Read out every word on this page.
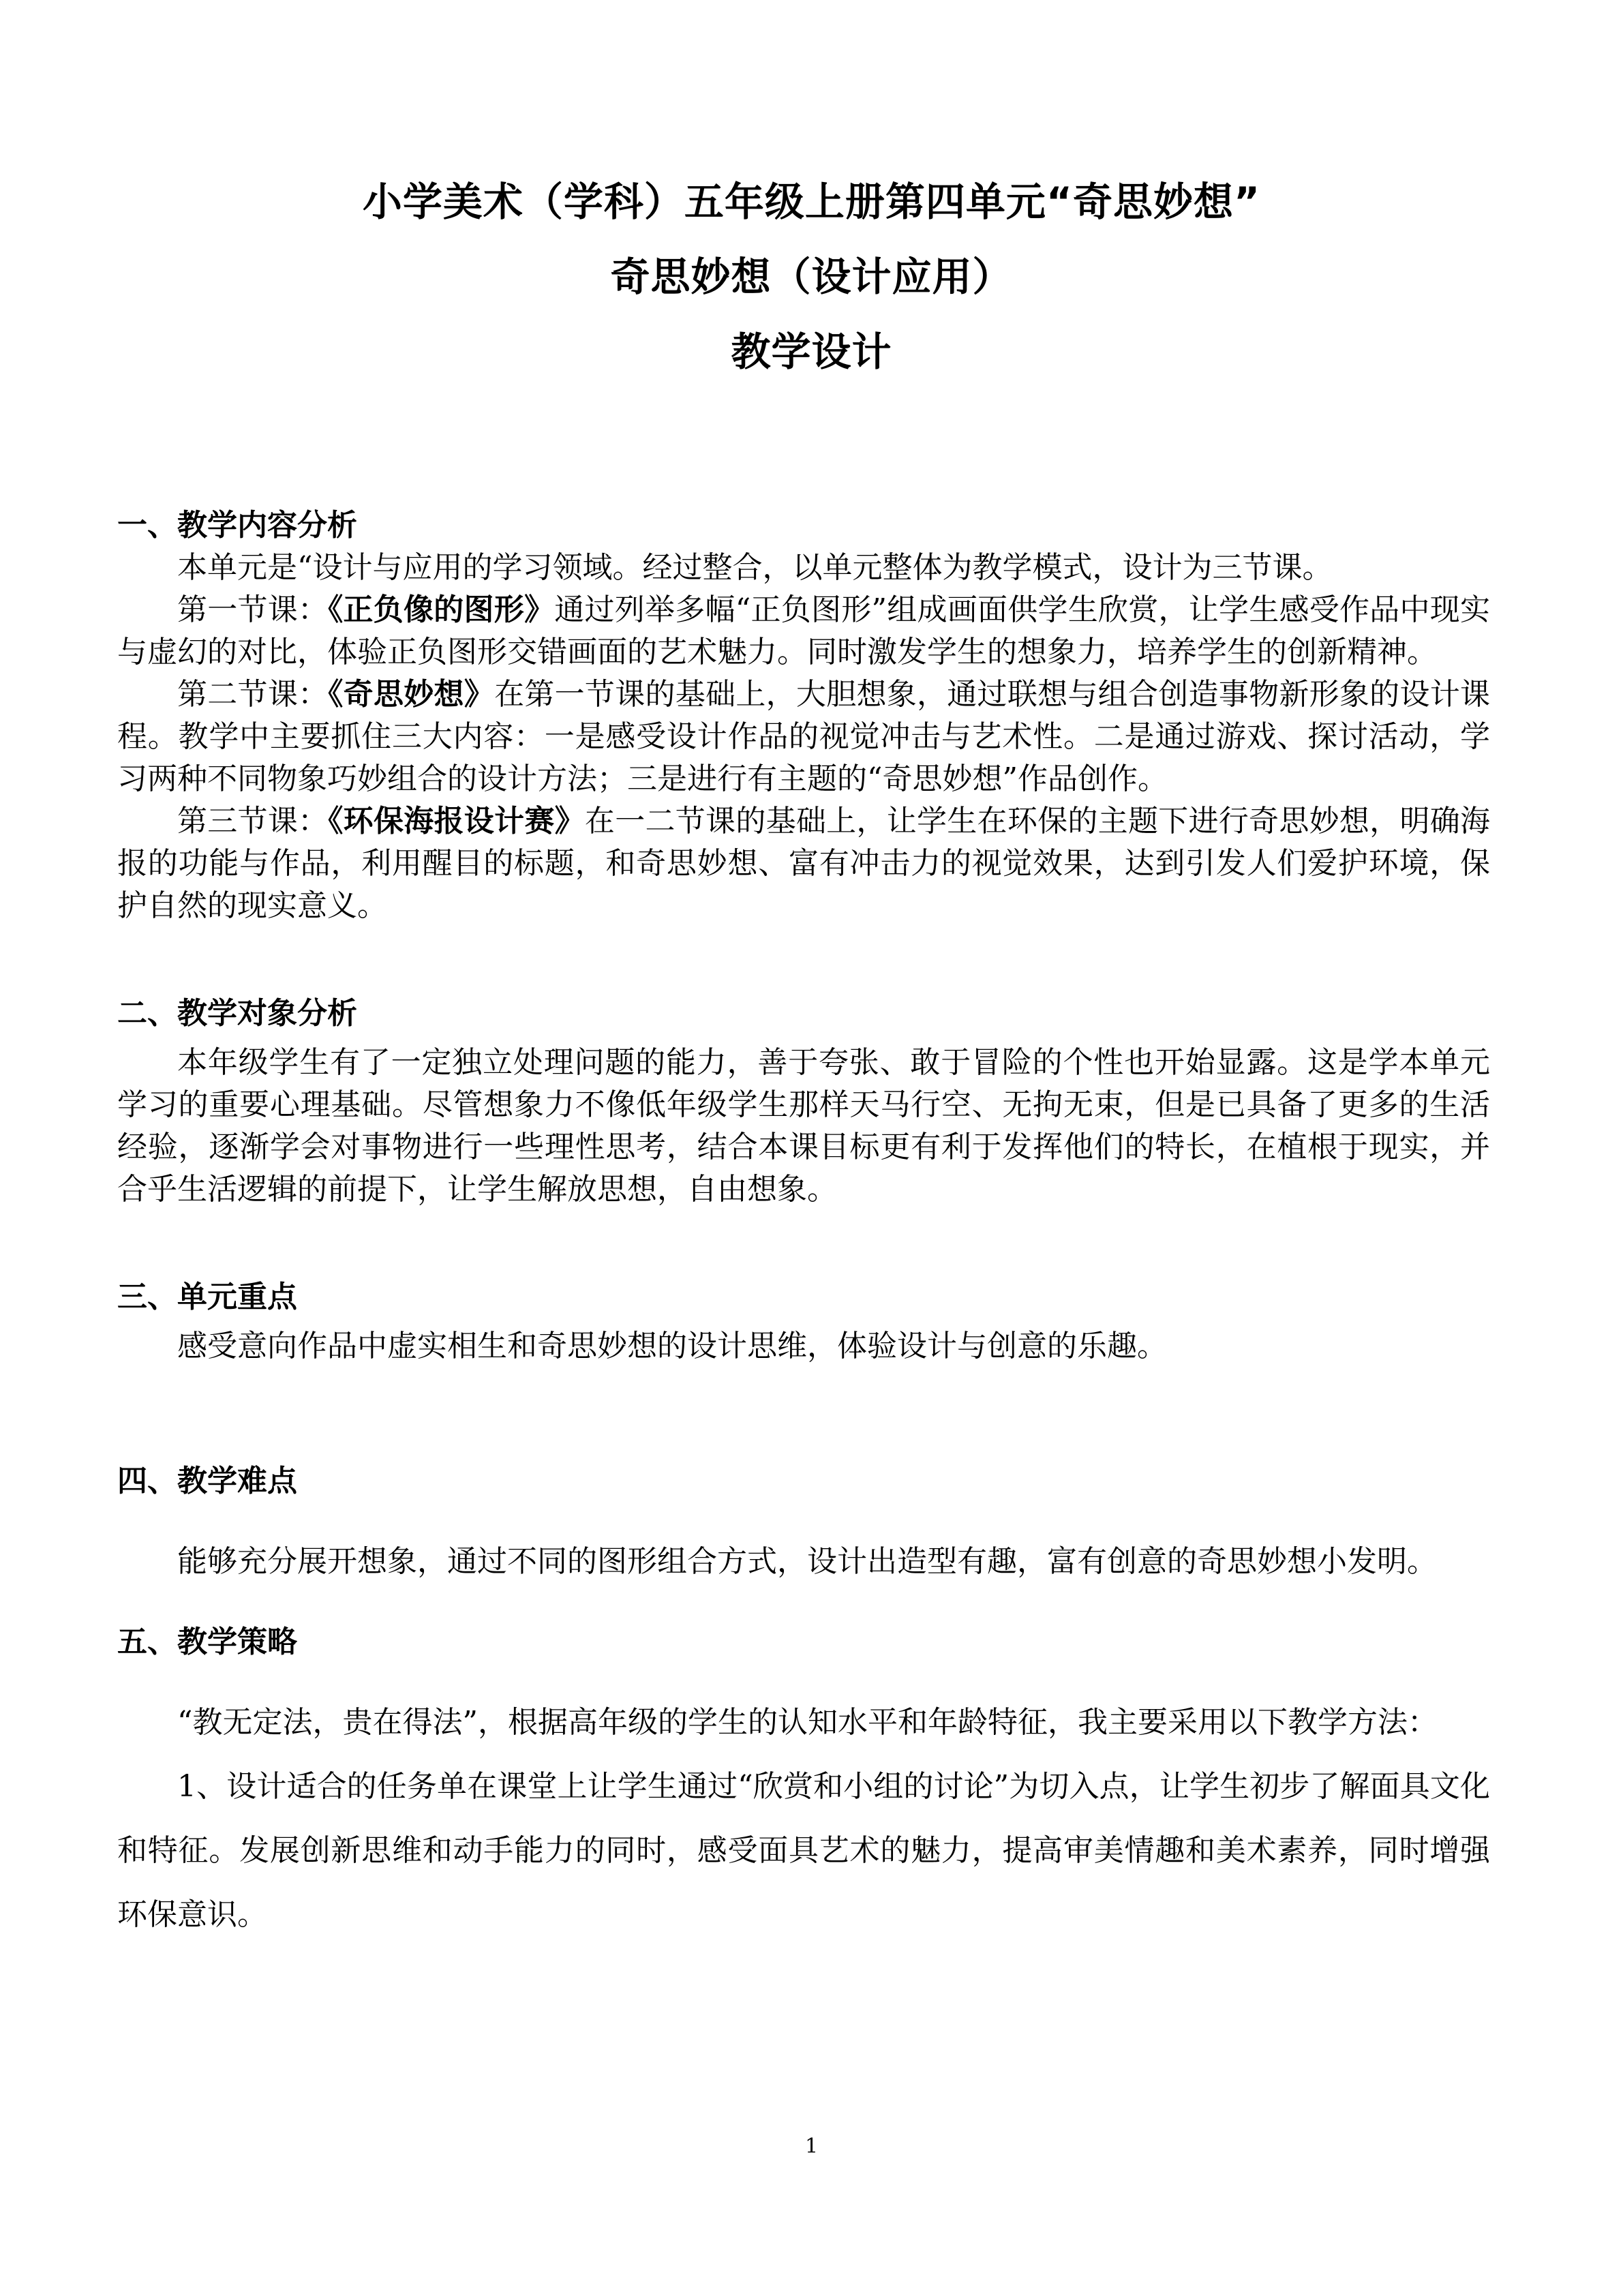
小学美术（学科）五年级上册第四单元“奇思妙想”
奇思妙想（设计应用）
教学设计
一、教学内容分析

本单元是“设计与应用的学习领域。经过整合，以单元整体为教学模式，设计为三节课。

第一节课：《正负像的图形》通过列举多幅“正负图形”组成画面供学生欣赏，让学生感受作品中现实与虚幻的对比，体验正负图形交错画面的艺术魅力。同时激发学生的想象力，培养学生的创新精神。

第二节课：《奇思妙想》在第一节课的基础上，大胆想象，通过联想与组合创造事物新形象的设计课程。教学中主要抓住三大内容：一是感受设计作品的视觉冲击与艺术性。二是通过游戏、探讨活动，学习两种不同物象巧妙组合的设计方法；三是进行有主题的“奇思妙想”作品创作。

第三节课：《环保海报设计赛》在一二节课的基础上，让学生在环保的主题下进行奇思妙想，明确海报的功能与作品，利用醒目的标题，和奇思妙想、富有冲击力的视觉效果，达到引发人们爱护环境，保护自然的现实意义。

二、教学对象分析

本年级学生有了一定独立处理问题的能力，善于夸张、敢于冒险的个性也开始显露。这是学本单元学习的重要心理基础。尽管想象力不像低年级学生那样天马行空、无拘无束，但是已具备了更多的生活经验，逐渐学会对事物进行一些理性思考，结合本课目标更有利于发挥他们的特长，在植根于现实，并合乎生活逻辑的前提下，让学生解放思想，自由想象。

三、单元重点

感受意向作品中虚实相生和奇思妙想的设计思维，体验设计与创意的乐趣。

四、教学难点

能够充分展开想象，通过不同的图形组合方式，设计出造型有趣，富有创意的奇思妙想小发明。

五、教学策略

“教无定法，贵在得法”，根据高年级的学生的认知水平和年龄特征，我主要采用以下教学方法：

1、设计适合的任务单在课堂上让学生通过“欣赏和小组的讨论”为切入点，让学生初步了解面具文化和特征。发展创新思维和动手能力的同时，感受面具艺术的魅力，提高审美情趣和美术素养，同时增强环保意识。

1
